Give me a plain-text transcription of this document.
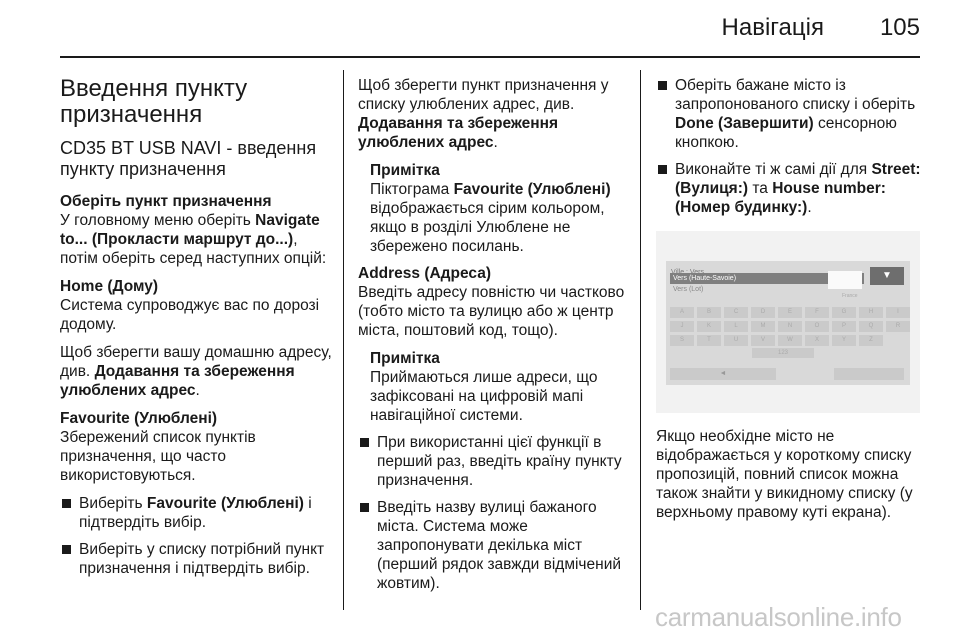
Навігація 105
Введення пункту призначення
CD35 BT USB NAVI - введення пункту призначення

Оберіть пункт призначення
У головному меню оберіть Navigate to... (Прокласти маршрут до...), потім оберіть серед наступних опцій:

Home (Дому)
Система супроводжує вас по дорозі додому.

Щоб зберегти вашу домашню адресу, див. Додавання та збереження улюблених адрес.

Favourite (Улюблені)
Збережений список пунктів призначення, що часто використовуються.

Виберіть Favourite (Улюблені) і підтвердіть вибір.
Виберіть у списку потрібний пункт призначення і підтвердіть вибір.

Щоб зберегти пункт призначення у списку улюблених адрес, див. Додавання та збереження улюблених адрес.

Примітка
Піктограма Favourite (Улюблені) відображається сірим кольором, якщо в розділі Улюблене не збережено посилань.

Address (Адреса)
Введіть адресу повністю чи частково (тобто місто та вулицю або ж центр міста, поштовий код, тощо).

Примітка
Приймаються лише адреси, що зафіксовані на цифровій мапі навігаційної системи.
При використанні цієї функції в перший раз, введіть країну пункту призначення.
Введіть назву вулиці бажаного міста. Система може запропонувати декілька міст (перший рядок завжди відмічений жовтим).
Оберіть бажане місто із запропонованого списку і оберіть Done (Завершити) сенсорною кнопкою.
Виконайте ті ж самі дії для Street: (Вулиця:) та House number: (Номер будинку:).
Vers (Haute-Savoie)
Vers (Lot)
France
▼
A	B	C	D	E	F	G	H	I
J	K	L	M	N	O	P	Q	R
S	T	U	V	W	X	Y	Z
123
◄

Якщо необхідне місто не відображається у короткому списку пропозицій, повний список можна також знайти у викидному списку (у верхньому правому куті екрана).

carmanualsonline.info
